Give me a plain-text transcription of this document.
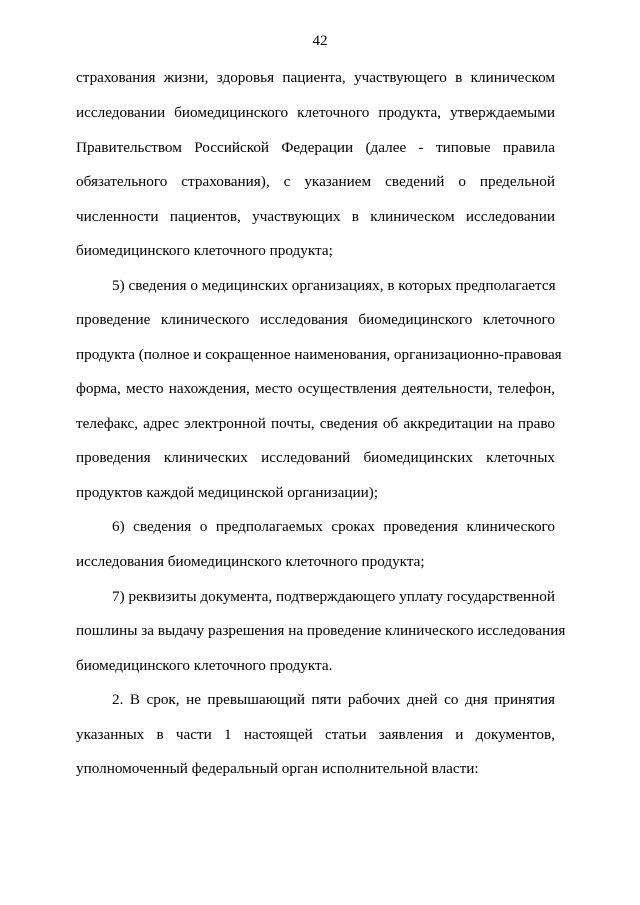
42
страхования жизни, здоровья пациента, участвующего в клиническом
исследовании биомедицинского клеточного продукта, утверждаемыми
Правительством Российской Федерации (далее - типовые правила
обязательного страхования), с указанием сведений о предельной
численности пациентов, участвующих в клиническом исследовании
биомедицинского клеточного продукта;
5) сведения о медицинских организациях, в которых предполагается
проведение клинического исследования биомедицинского клеточного
продукта (полное и сокращенное наименования, организационно-правовая
форма, место нахождения, место осуществления деятельности, телефон,
телефакс, адрес электронной почты, сведения об аккредитации на право
проведения клинических исследований биомедицинских клеточных
продуктов каждой медицинской организации);
6) сведения о предполагаемых сроках проведения клинического
исследования биомедицинского клеточного продукта;
7) реквизиты документа, подтверждающего уплату государственной
пошлины за выдачу разрешения на проведение клинического исследования
биомедицинского клеточного продукта.
2. В срок, не превышающий пяти рабочих дней со дня принятия
указанных в части 1 настоящей статьи заявления и документов,
уполномоченный федеральный орган исполнительной власти:
